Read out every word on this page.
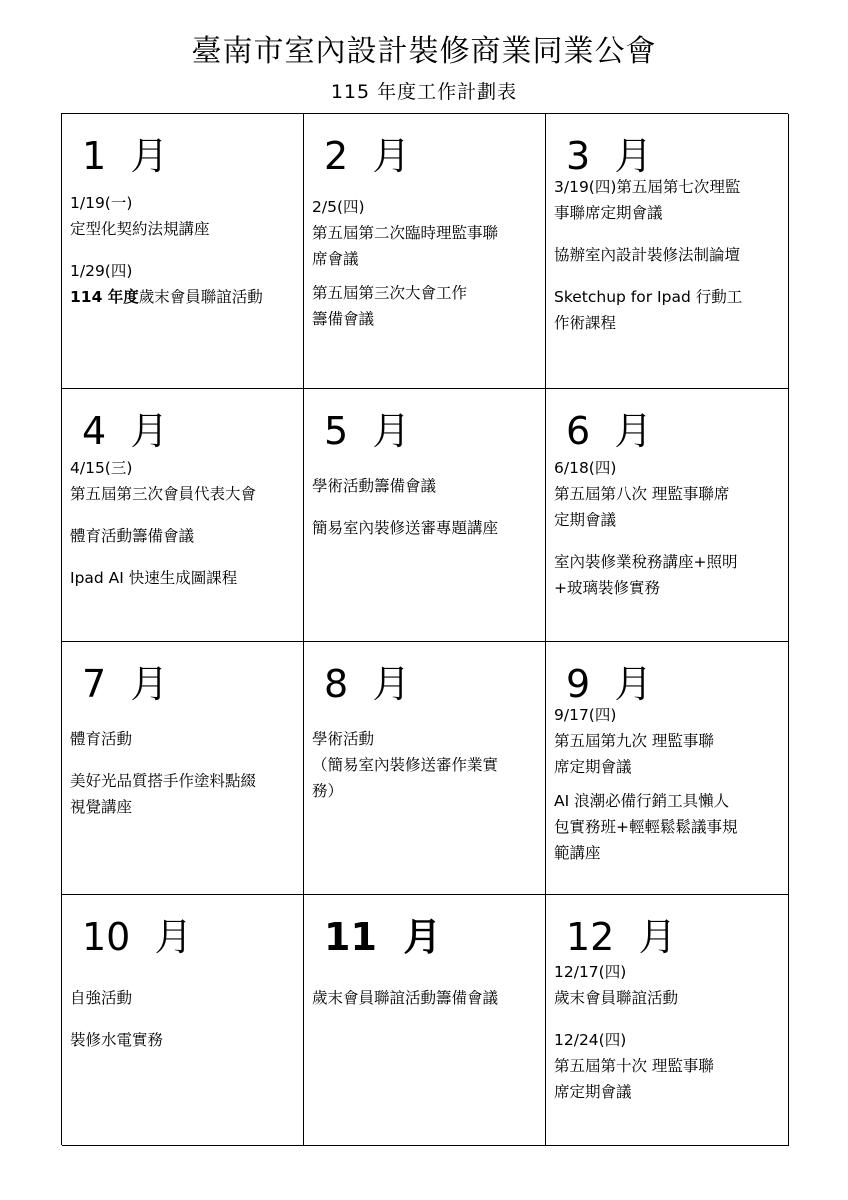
臺南市室內設計裝修商業同業公會
115 年度工作計劃表
1  月
1/19(一)
定型化契約法規講座
1/29(四)
114 年度歲末會員聯誼活動
2  月
2/5(四)
第五屆第二次臨時理監事聯
席會議
第五屆第三次大會工作
籌備會議
3  月
3/19(四)第五屆第七次理監
事聯席定期會議
協辦室內設計裝修法制論壇
Sketchup for Ipad 行動工
作術課程
4  月
4/15(三)
第五屆第三次會員代表大會
體育活動籌備會議
Ipad AI 快速生成圖課程
5  月
學術活動籌備會議
簡易室內裝修送審專題講座
6  月
6/18(四)
第五屆第八次 理監事聯席
定期會議
室內裝修業稅務講座+照明
+玻璃裝修實務
7  月
體育活動
美好光品質搭手作塗料點綴
視覺講座
8  月
學術活動
（簡易室內裝修送審作業實
務）
9  月
9/17(四)
第五屆第九次 理監事聯
席定期會議
AI 浪潮必備行銷工具懶人
包實務班+輕輕鬆鬆議事規
範講座
10  月
自強活動
裝修水電實務
11  月
歲末會員聯誼活動籌備會議
12  月
12/17(四)
歲末會員聯誼活動
12/24(四)
第五屆第十次 理監事聯
席定期會議
